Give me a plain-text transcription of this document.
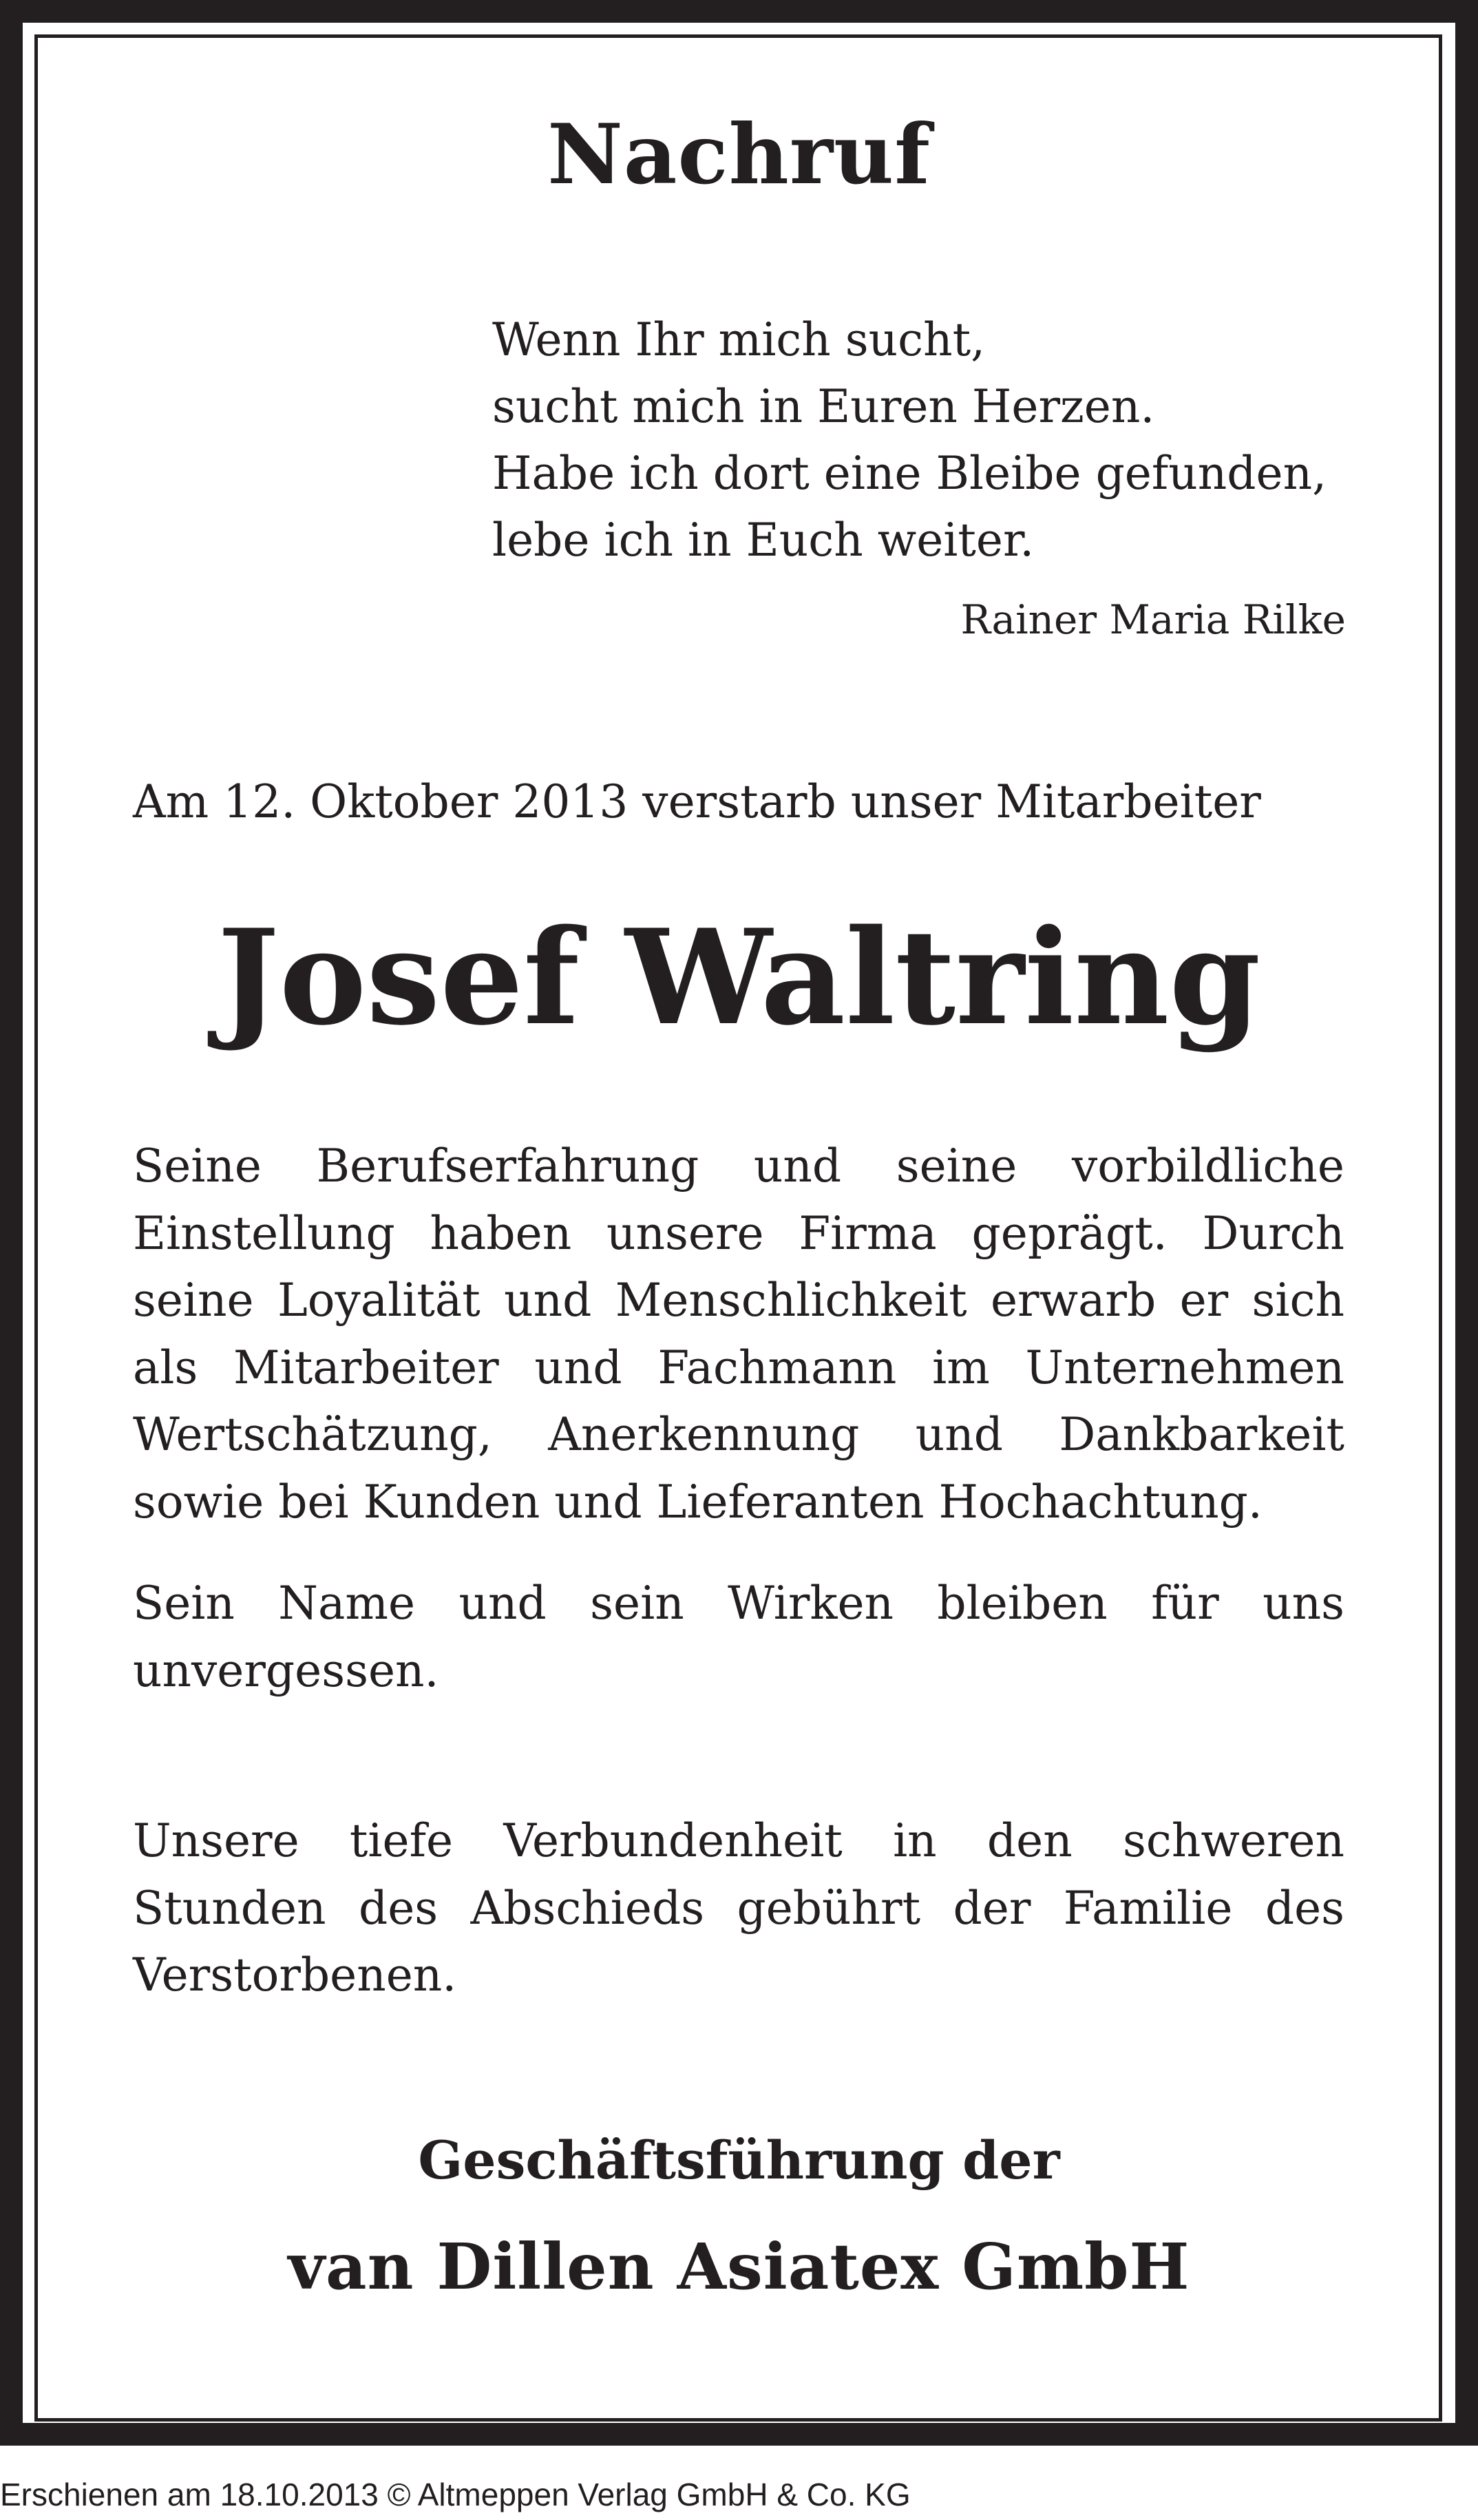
Nachruf
Wenn Ihr mich sucht,
sucht mich in Euren Herzen.
Habe ich dort eine Bleibe gefunden,
lebe ich in Euch weiter.
Rainer Maria Rilke
Am 12. Oktober 2013 verstarb unser Mitarbeiter
Josef Waltring
Seine Berufserfahrung und seine vorbildliche
Einstellung haben unsere Firma geprägt. Durch
seine Loyalität und Menschlichkeit erwarb er sich
als Mitarbeiter und Fachmann im Unternehmen
Wertschätzung, Anerkennung und Dankbarkeit
sowie bei Kunden und Lieferanten Hochachtung.
Sein Name und sein Wirken bleiben für uns
unvergessen.
Unsere tiefe Verbundenheit in den schweren
Stunden des Abschieds gebührt der Familie des
Verstorbenen.
Geschäftsführung der
van Dillen Asiatex GmbH
Erschienen am 18.10.2013 © Altmeppen Verlag GmbH & Co. KG
